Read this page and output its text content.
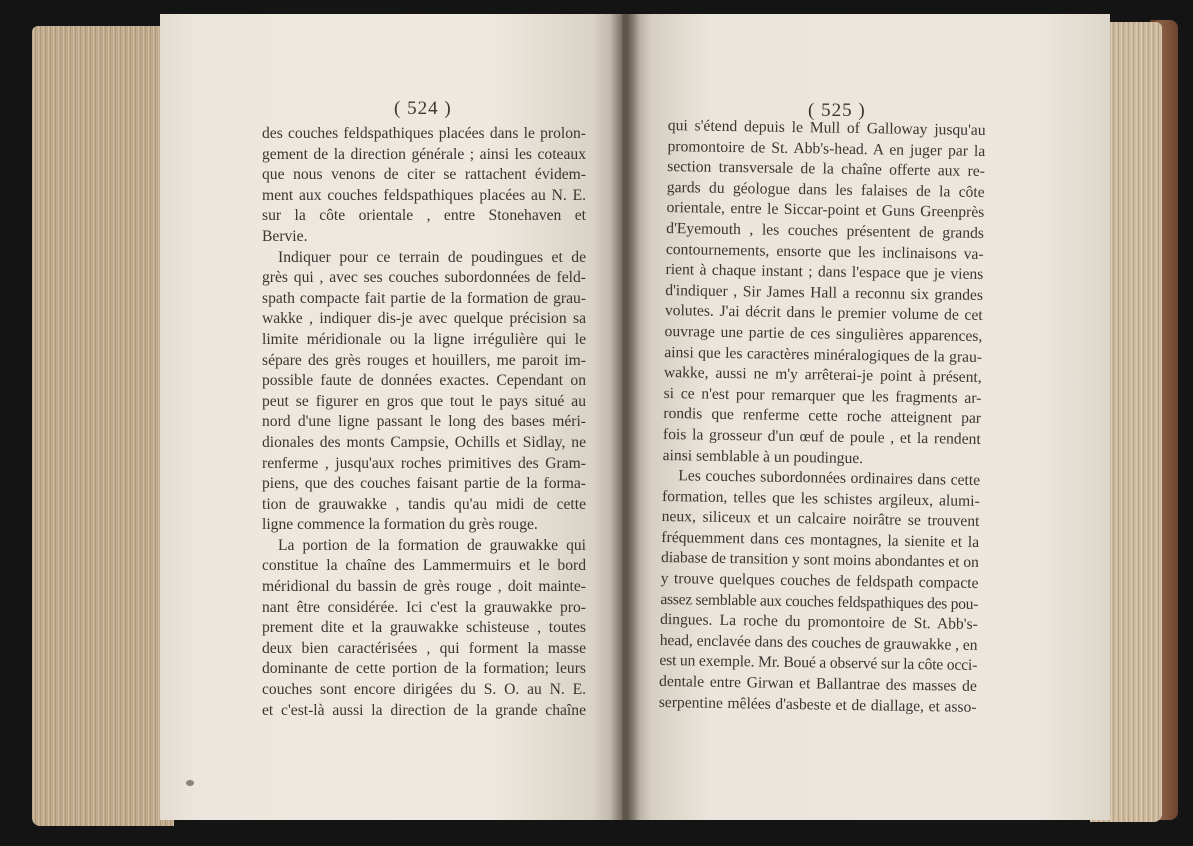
( 524 )	( 525 )
des couches feldspathiques placées dans le prolon-
gement de la direction générale ; ainsi les coteaux
que nous venons de citer se rattachent évidem-
ment aux couches feldspathiques placées au N. E.
sur la côte orientale , entre Stonehaven et
Bervie.
Indiquer pour ce terrain de poudingues et de
grès qui , avec ses couches subordonnées de feld-
spath compacte fait partie de la formation de grau-
wakke , indiquer dis-je avec quelque précision sa
limite méridionale ou la ligne irrégulière qui le
sépare des grès rouges et houillers, me paroit im-
possible faute de données exactes. Cependant on
peut se figurer en gros que tout le pays situé au
nord d'une ligne passant le long des bases méri-
dionales des monts Campsie, Ochills et Sidlay, ne
renferme , jusqu'aux roches primitives des Gram-
piens, que des couches faisant partie de la forma-
tion de grauwakke , tandis qu'au midi de cette
ligne commence la formation du grès rouge.
La portion de la formation de grauwakke qui
constitue la chaîne des Lammermuirs et le bord
méridional du bassin de grès rouge , doit mainte-
nant être considérée. Ici c'est la grauwakke pro-
prement dite et la grauwakke schisteuse , toutes
deux bien caractérisées , qui forment la masse
dominante de cette portion de la formation; leurs
couches sont encore dirigées du S. O. au N. E.
et c'est-là aussi la direction de la grande chaîne
qui s'étend depuis le Mull of Galloway jusqu'au
promontoire de St. Abb's-head. A en juger par la
section transversale de la chaîne offerte aux re-
gards du géologue dans les falaises de la côte
orientale, entre le Siccar-point et Guns Greenprès
d'Eyemouth , les couches présentent de grands
contournements, ensorte que les inclinaisons va-
rient à chaque instant ; dans l'espace que je viens
d'indiquer , Sir James Hall a reconnu six grandes
volutes. J'ai décrit dans le premier volume de cet
ouvrage une partie de ces singulières apparences,
ainsi que les caractères minéralogiques de la grau-
wakke, aussi ne m'y arrêterai-je point à présent,
si ce n'est pour remarquer que les fragments ar-
rondis que renferme cette roche atteignent par
fois la grosseur d'un œuf de poule , et la rendent
ainsi semblable à un poudingue.
Les couches subordonnées ordinaires dans cette
formation, telles que les schistes argileux, alumi-
neux, siliceux et un calcaire noirâtre se trouvent
fréquemment dans ces montagnes, la sienite et la
diabase de transition y sont moins abondantes et on
y trouve quelques couches de feldspath compacte
assez semblable aux couches feldspathiques des pou-
dingues. La roche du promontoire de St. Abb's-
head, enclavée dans des couches de grauwakke , en
est un exemple. Mr. Boué a observé sur la côte occi-
dentale entre Girwan et Ballantrae des masses de
serpentine mêlées d'asbeste et de diallage, et asso-
